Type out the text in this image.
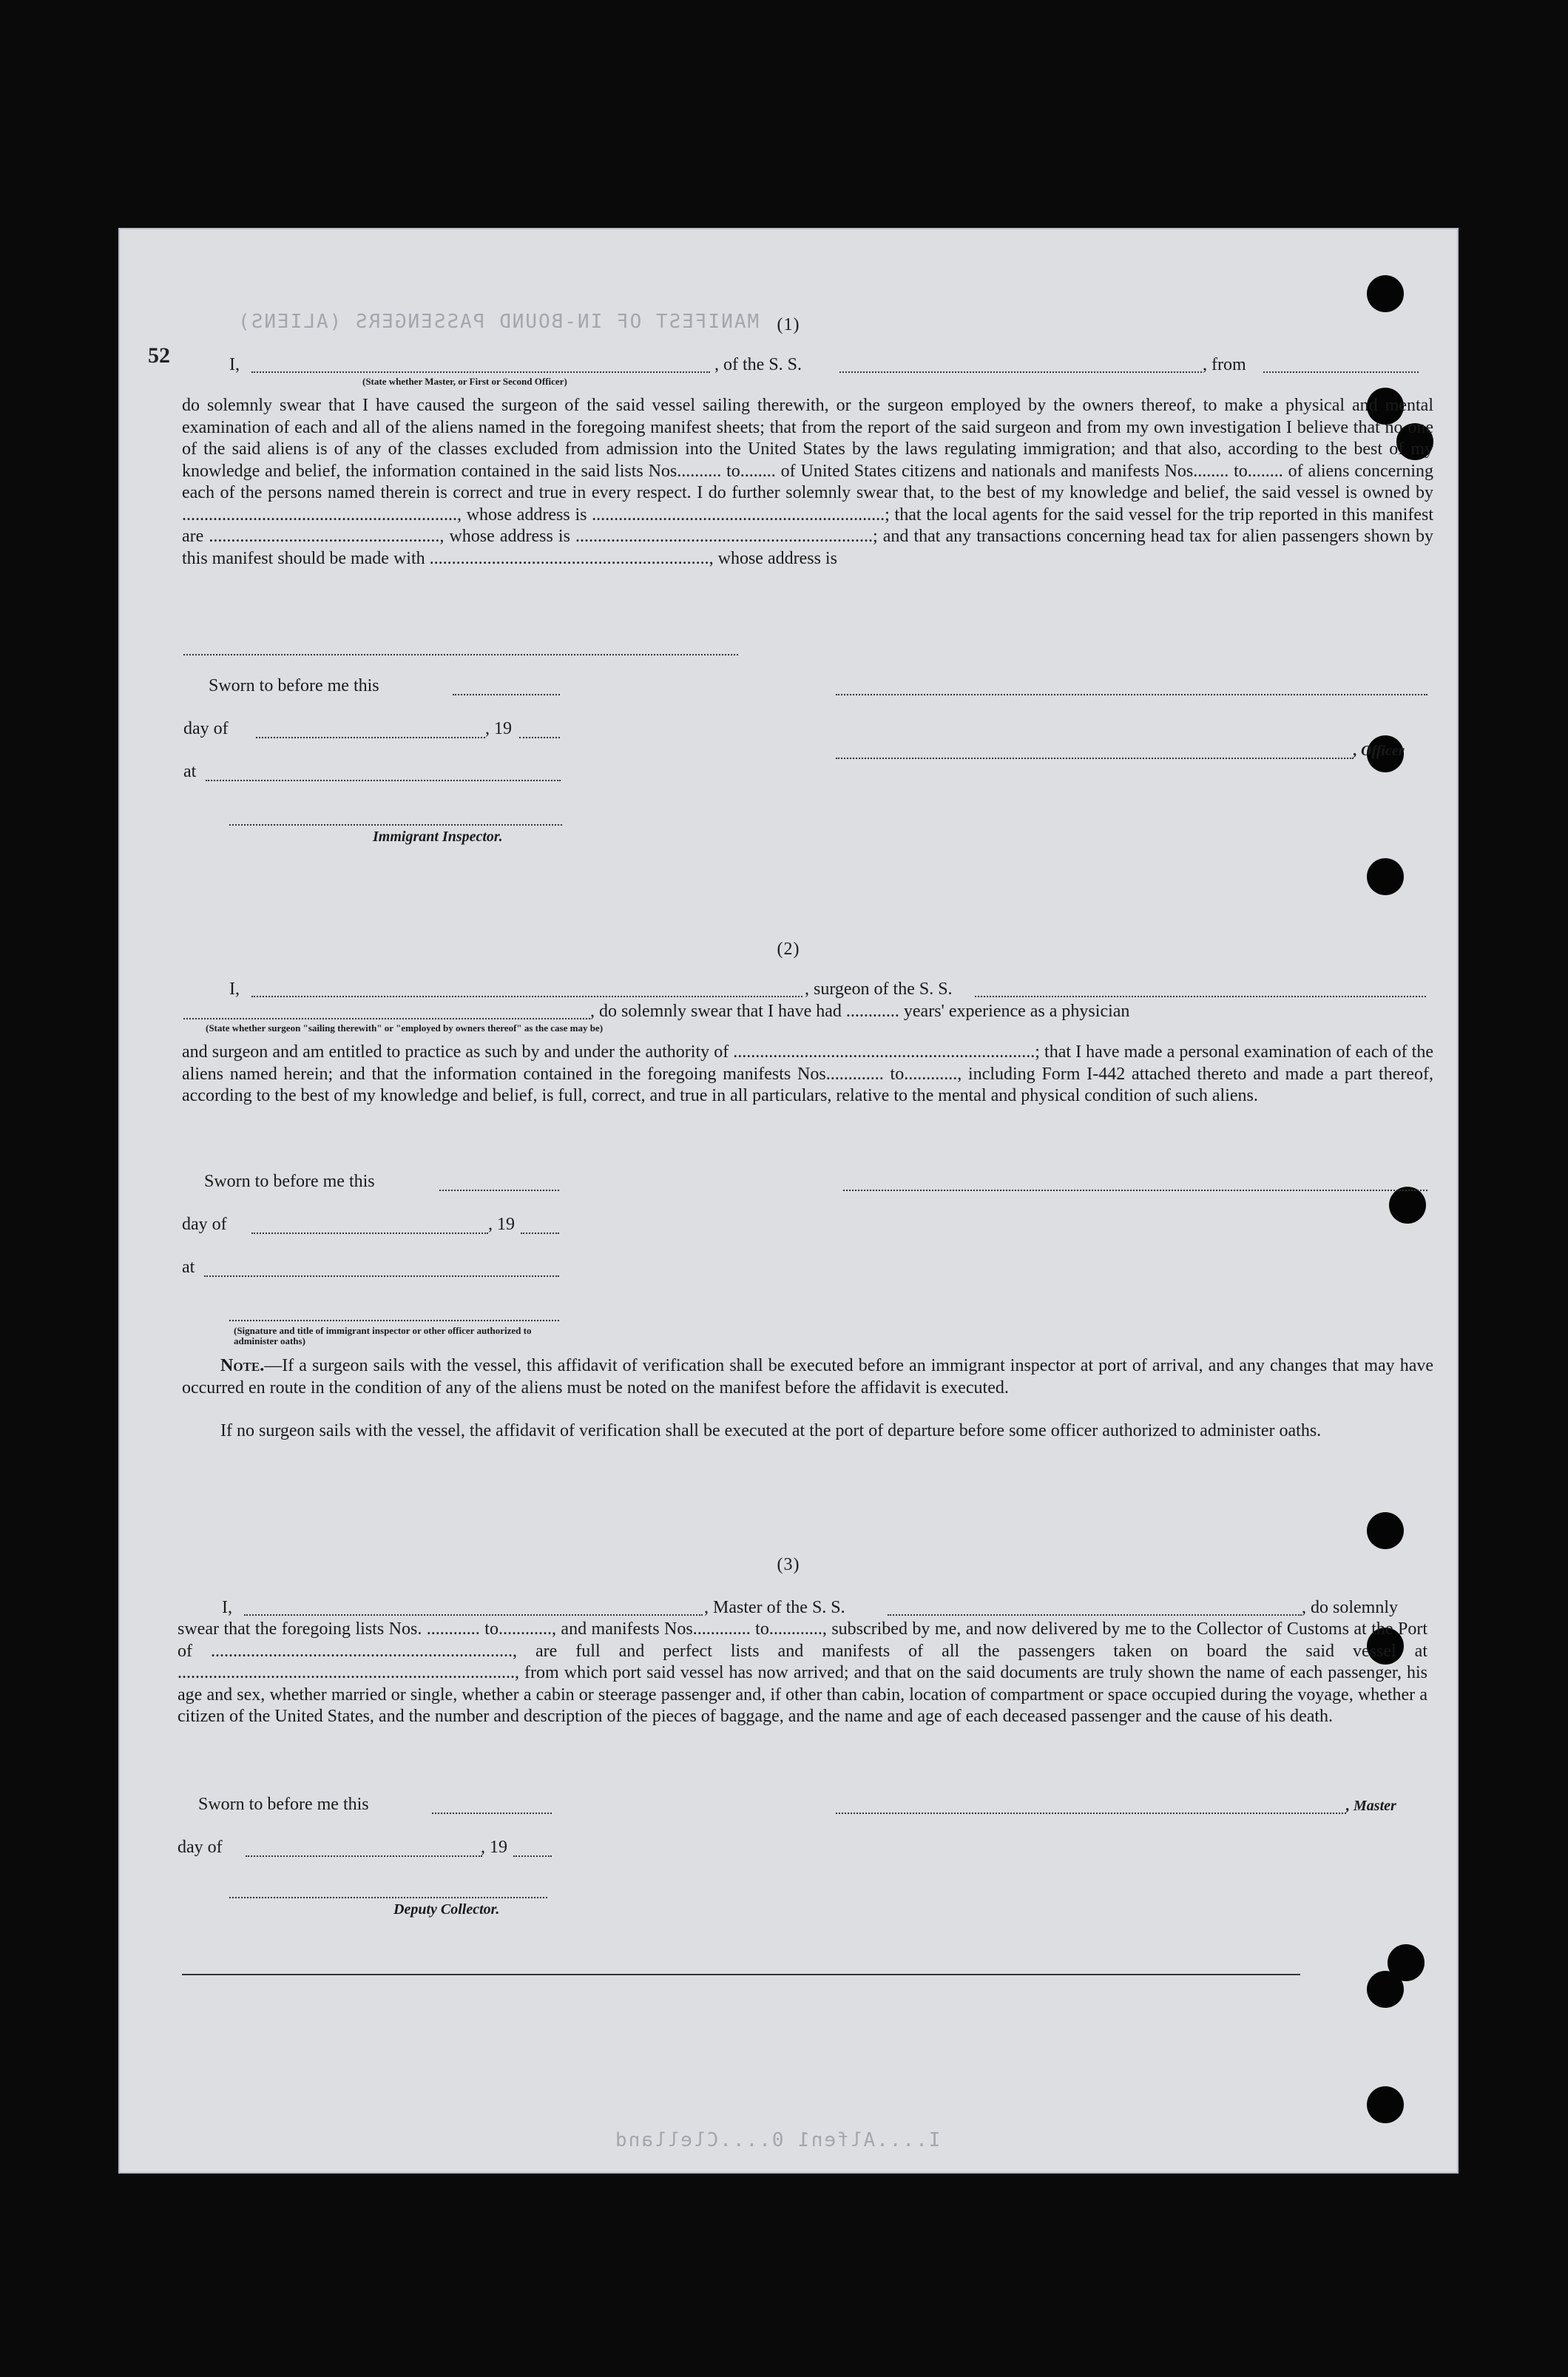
MANIFEST OF IN-BOUND PASSENGERS (ALIENS)
I....Alfen1 0....Clelland
52
(1)
I,	, of the S. S.	, from
(State whether Master, or First or Second Officer)
do solemnly swear that I have caused the surgeon of the said vessel sailing therewith, or the surgeon employed by the owners thereof, to make a physical and mental examination of each and all of the aliens named in the foregoing manifest sheets; that from the report of the said surgeon and from my own investigation I believe that no one of the said aliens is of any of the classes excluded from admission into the United States by the laws regulating immigration; and that also, according to the best of my knowledge and belief, the information contained in the said lists Nos.......... to........ of United States citizens and nationals and manifests Nos........ to........ of aliens concerning each of the persons named therein is correct and true in every respect. I do further solemnly swear that, to the best of my knowledge and belief, the said vessel is owned by .............................................................., whose address is ..................................................................; that the local agents for the said vessel for the trip reported in this manifest are ...................................................., whose address is ...................................................................; and that any transactions concerning head tax for alien passengers shown by this manifest should be made with ..............................................................., whose address is
Sworn to before me this
day of	, 19
, Officer
at
Immigrant Inspector.
(2)
I,	, surgeon of the S. S.
, do solemnly swear that I have had ............ years' experience as a physician
(State whether surgeon "sailing therewith" or "employed by owners thereof" as the case may be)
and surgeon and am entitled to practice as such by and under the authority of ....................................................................; that I have made a personal examination of each of the aliens named herein; and that the information contained in the foregoing manifests Nos............. to............, including Form I-442 attached thereto and made a part thereof, according to the best of my knowledge and belief, is full, correct, and true in all particulars, relative to the mental and physical condition of such aliens.
Sworn to before me this
day of	, 19
at
(Signature and title of immigrant inspector or other officer authorized to administer oaths)
Note.—If a surgeon sails with the vessel, this affidavit of verification shall be executed before an immigrant inspector at port of arrival, and any changes that may have occurred en route in the condition of any of the aliens must be noted on the manifest before the affidavit is executed.
If no surgeon sails with the vessel, the affidavit of verification shall be executed at the port of departure before some officer authorized to administer oaths.
(3)
I,	, Master of the S. S.	, do solemnly
swear that the foregoing lists Nos. ............ to............, and manifests Nos............. to............, subscribed by me, and now delivered by me to the Collector of Customs at the Port of ...................................................................., are full and perfect lists and manifests of all the passengers taken on board the said vessel at ............................................................................, from which port said vessel has now arrived; and that on the said documents are truly shown the name of each passenger, his age and sex, whether married or single, whether a cabin or steerage passenger and, if other than cabin, location of compartment or space occupied during the voyage, whether a citizen of the United States, and the number and description of the pieces of baggage, and the name and age of each deceased passenger and the cause of his death.
Sworn to before me this	, Master
day of	, 19
Deputy Collector.
